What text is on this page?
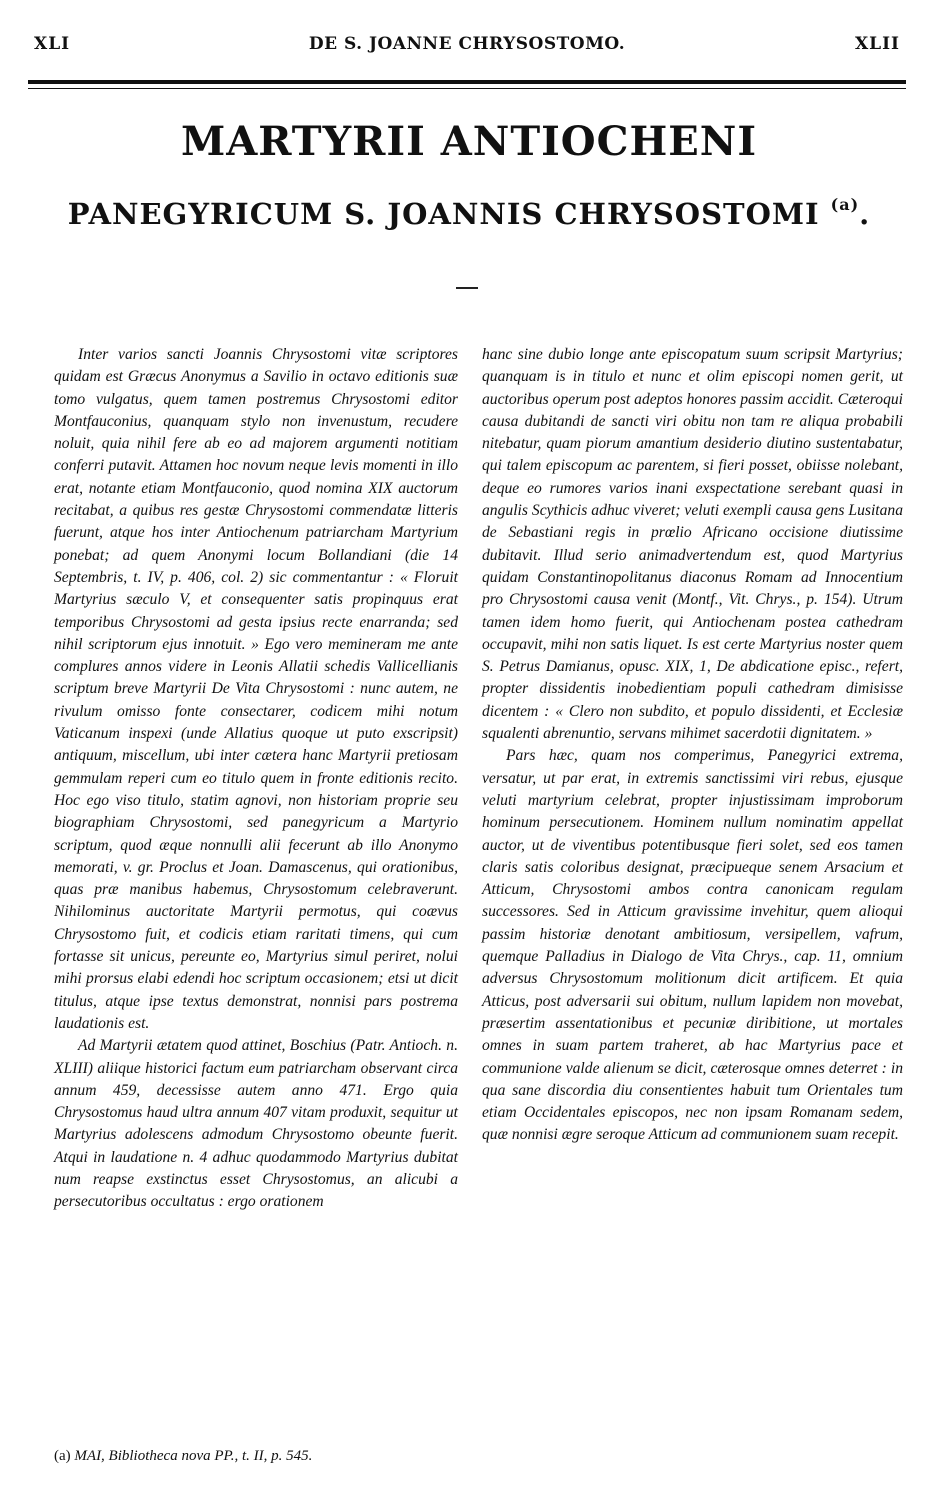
XLI	DE S. JOANNE CHRYSOSTOMO.	XLII
MARTYRII ANTIOCHENI
PANEGYRICUM S. JOANNIS CHRYSOSTOMI $^{(a)}$.

Inter varios sancti Joannis Chrysostomi vitæ scriptores quidam est Græcus Anonymus a Savilio in octavo editionis suæ tomo vulgatus, quem tamen postremus Chrysostomi editor Montfauconius, quanquam stylo non invenustum, recudere noluit, quia nihil fere ab eo ad majorem argumenti notitiam conferri putavit. Attamen hoc novum neque levis momenti in illo erat, notante etiam Montfauconio, quod nomina XIX auctorum recitabat, a quibus res gestæ Chrysostomi commendatæ litteris fuerunt, atque hos inter Antiochenum patriarcham Martyrium ponebat; ad quem Anonymi locum Bollandiani (die 14 Septembris, t. IV, p. 406, col. 2) sic commentantur : « Floruit Martyrius sæculo V, et consequenter satis propinquus erat temporibus Chrysostomi ad gesta ipsius recte enarranda; sed nihil scriptorum ejus innotuit. » Ego vero memineram me ante complures annos videre in Leonis Allatii schedis Vallicellianis scriptum breve Martyrii De Vita Chrysostomi : nunc autem, ne rivulum omisso fonte consectarer, codicem mihi notum Vaticanum inspexi (unde Allatius quoque ut puto exscripsit) antiquum, miscellum, ubi inter cætera hanc Martyrii pretiosam gemmulam reperi cum eo titulo quem in fronte editionis recito. Hoc ego viso titulo, statim agnovi, non historiam proprie seu biographiam Chrysostomi, sed panegyricum a Martyrio scriptum, quod æque nonnulli alii fecerunt ab illo Anonymo memorati, v. gr. Proclus et Joan. Damascenus, qui orationibus, quas præ manibus habemus, Chrysostomum celebraverunt. Nihilominus auctoritate Martyrii permotus, qui coævus Chrysostomo fuit, et codicis etiam raritati timens, qui cum fortasse sit unicus, pereunte eo, Martyrius simul periret, nolui mihi prorsus elabi edendi hoc scriptum occasionem; etsi ut dicit titulus, atque ipse textus demonstrat, nonnisi pars postrema laudationis est.

Ad Martyrii ætatem quod attinet, Boschius (Patr. Antioch. n. XLIII) aliique historici factum eum patriarcham observant circa annum 459, decessisse autem anno 471. Ergo quia Chrysostomus haud ultra annum 407 vitam produxit, sequitur ut Martyrius adolescens admodum Chrysostomo obeunte fuerit. Atqui in laudatione n. 4 adhuc quodammodo Martyrius dubitat num reapse exstinctus esset Chrysostomus, an alicubi a persecutoribus occultatus : ergo orationem

hanc sine dubio longe ante episcopatum suum scripsit Martyrius; quanquam is in titulo et nunc et olim episcopi nomen gerit, ut auctoribus operum post adeptos honores passim accidit. Cæteroqui causa dubitandi de sancti viri obitu non tam re aliqua probabili nitebatur, quam piorum amantium desiderio diutino sustentabatur, qui talem episcopum ac parentem, si fieri posset, obiisse nolebant, deque eo rumores varios inani exspectatione serebant quasi in angulis Scythicis adhuc viveret; veluti exempli causa gens Lusitana de Sebastiani regis in prœlio Africano occisione diutissime dubitavit. Illud serio animadvertendum est, quod Martyrius quidam Constantinopolitanus diaconus Romam ad Innocentium pro Chrysostomi causa venit (Montf., Vit. Chrys., p. 154). Utrum tamen idem homo fuerit, qui Antiochenam postea cathedram occupavit, mihi non satis liquet. Is est certe Martyrius noster quem S. Petrus Damianus, opusc. XIX, 1, De abdicatione episc., refert, propter dissidentis inobedientiam populi cathedram dimisisse dicentem : « Clero non subdito, et populo dissidenti, et Ecclesiæ squalenti abrenuntio, servans mihimet sacerdotii dignitatem. »

Pars hæc, quam nos comperimus, Panegyrici extrema, versatur, ut par erat, in extremis sanctissimi viri rebus, ejusque veluti martyrium celebrat, propter injustissimam improborum hominum persecutionem. Hominem nullum nominatim appellat auctor, ut de viventibus potentibusque fieri solet, sed eos tamen claris satis coloribus designat, præcipueque senem Arsacium et Atticum, Chrysostomi ambos contra canonicam regulam successores. Sed in Atticum gravissime invehitur, quem alioqui passim historiæ denotant ambitiosum, versipellem, vafrum, quemque Palladius in Dialogo de Vita Chrys., cap. 11, omnium adversus Chrysostomum molitionum dicit artificem. Et quia Atticus, post adversarii sui obitum, nullum lapidem non movebat, præsertim assentationibus et pecuniæ diribitione, ut mortales omnes in suam partem traheret, ab hac Martyrius pace et communione valde alienum se dicit, cæterosque omnes deterret : in qua sane discordia diu consentientes habuit tum Orientales tum etiam Occidentales episcopos, nec non ipsam Romanam sedem, quæ nonnisi ægre seroque Atticum ad communionem suam recepit.

(a) MAI, Bibliotheca nova PP., t. II, p. 545.
